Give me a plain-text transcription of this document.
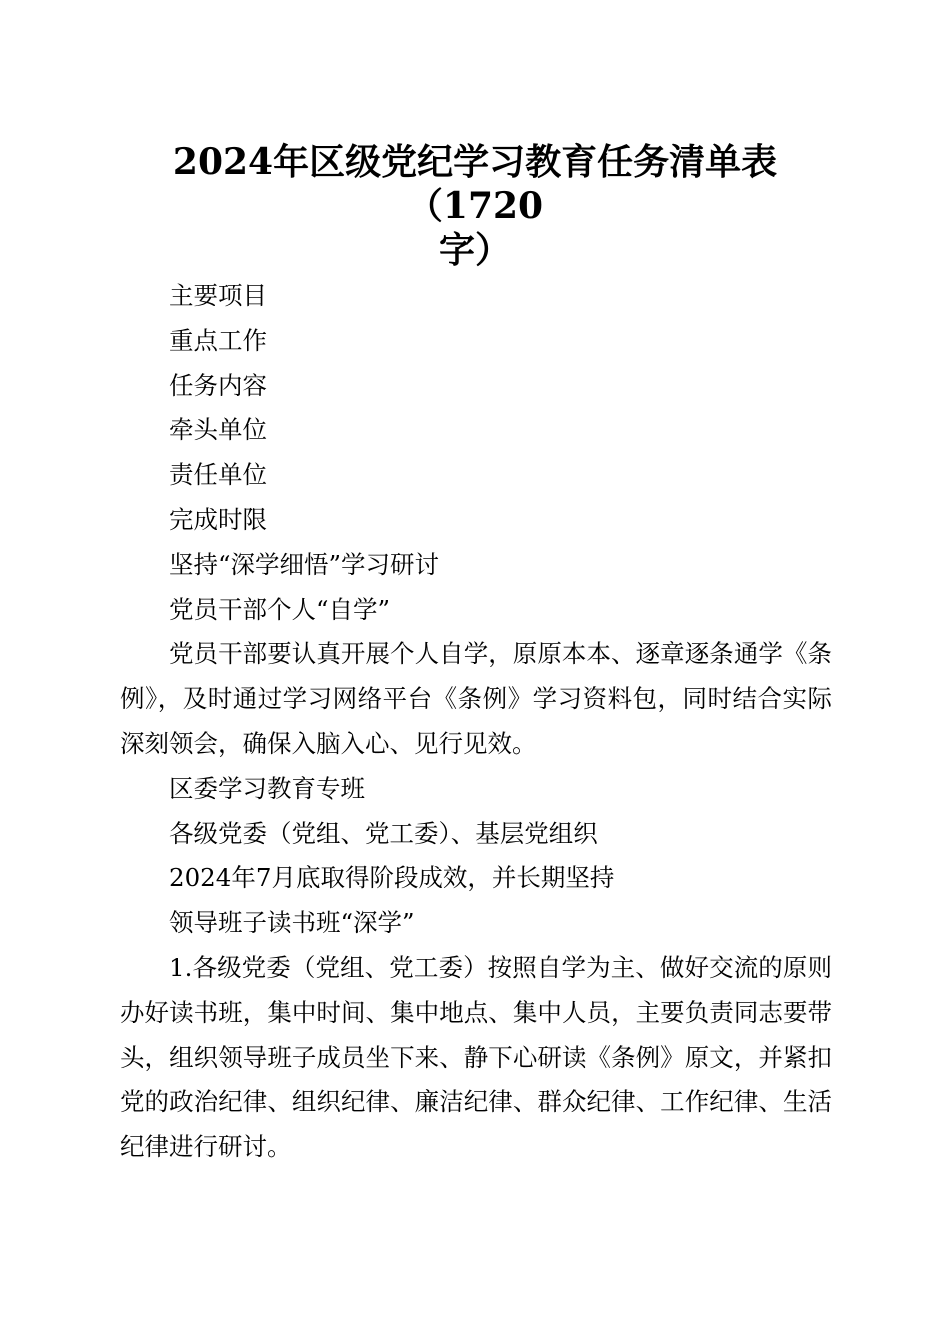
2024年区级党纪学习教育任务清单表（1720
字）

主要项目

重点工作

任务内容

牵头单位

责任单位

完成时限

坚持“深学细悟”学习研讨

党员干部个人“自学”

党员干部要认真开展个人自学，原原本本、逐章逐条通学《条例》，及时通过学习网络平台《条例》学习资料包，同时结合实际深刻领会，确保入脑入心、见行见效。

区委学习教育专班

各级党委（党组、党工委）、基层党组织

2024年7月底取得阶段成效，并长期坚持

领导班子读书班“深学”

1.各级党委（党组、党工委）按照自学为主、做好交流的原则办好读书班，集中时间、集中地点、集中人员，主要负责同志要带头，组织领导班子成员坐下来、静下心研读《条例》原文，并紧扣党的政治纪律、组织纪律、廉洁纪律、群众纪律、工作纪律、生活纪律进行研讨。
